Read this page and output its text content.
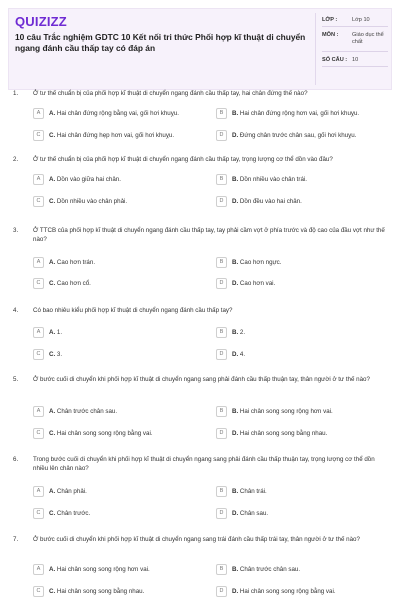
QUIZIZZ
10 câu Trắc nghiệm GDTC 10 Kết nối tri thức Phối hợp kĩ thuật di chuyển ngang đánh cầu thấp tay có đáp án
LỚP :	Lớp 10
MÔN : Giáo dục thể chất
SỐ CÂU : 10
1. Ở tư thế chuẩn bị của phối hợp kĩ thuật di chuyển ngang đánh cầu thấp tay, hai chân đứng thế nào?
A	A. Hai chân đứng rộng bằng vai, gối hơi khuỵu.	B	B. Hai chân đứng rộng hơn vai, gối hơi khuỵu.
C	C. Hai chân đứng hẹp hơn vai, gối hơi khuỵu.	D	D. Đứng chân trước chân sau, gối hơi khuỵu.
2. Ở tư thế chuẩn bị của phối hợp kĩ thuật di chuyển ngang đánh cầu thấp tay, trọng lượng cơ thể dồn vào đâu?
A	A. Dồn vào giữa hai chân.	B	B. Dồn nhiều vào chân trái.
C	C. Dồn nhiều vào chân phải.	D	D. Dồn đều vào hai chân.
3. Ở TTCB của phối hợp kĩ thuật di chuyển ngang đánh cầu thấp tay, tay phải cầm vợt ở phía trước và độ cao của đầu vợt như thế nào?
A	A. Cao hơn trán.	B	B. Cao hơn ngực.
C	C. Cao hơn cổ.	D	D. Cao hơn vai.
4. Có bao nhiêu kiểu phối hợp kĩ thuật di chuyển ngang đánh cầu thấp tay?
A	A. 1.	B	B. 2.
C	C. 3.	D	D. 4.
5. Ở bước cuối di chuyển khi phối hợp kĩ thuật di chuyển ngang sang phải đánh cầu thấp thuận tay, thân người ở tư thế nào?
A	A. Chân trước chân sau.	B	B. Hai chân song song rộng hơn vai.
C	C. Hai chân song song rộng bằng vai.	D	D. Hai chân song song bằng nhau.
6. Trong bước cuối di chuyển khi phối hợp kĩ thuật di chuyển ngang sang phải đánh cầu thấp thuận tay, trọng lượng cơ thể dồn nhiều lên chân nào?
A	A. Chân phải.	B	B. Chân trái.
C	C. Chân trước.	D	D. Chân sau.
7. Ở bước cuối di chuyển khi phối hợp kĩ thuật di chuyển ngang sang trái đánh cầu thấp trái tay, thân người ở tư thế nào?
A	A. Hai chân song song rộng hơn vai.	B	B. Chân trước chân sau.
C	C. Hai chân song song bằng nhau.	D	D. Hai chân song song rộng bằng vai.
